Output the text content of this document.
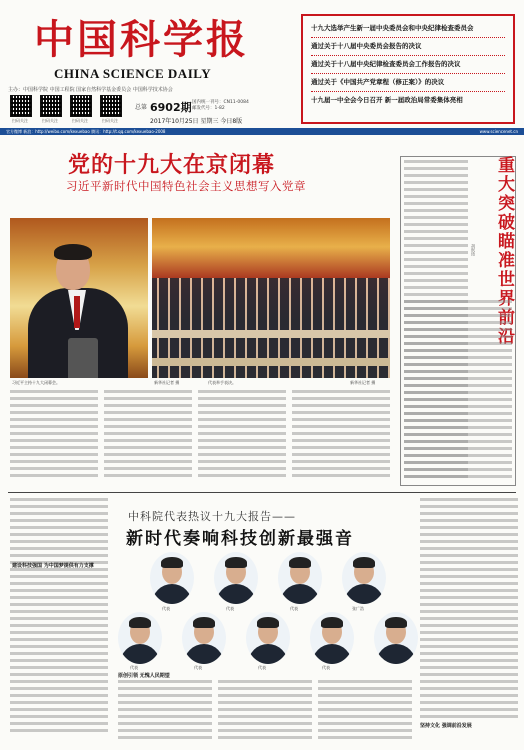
中国科学报
CHINA SCIENCE DAILY
主办：中国科学院 中国工程院 国家自然科学基金委员会 中国科学技术协会
扫码关注	扫码关注	扫码关注	扫码关注
总第 6902期 国内统一刊号：CN11-0084
邮发代号：1-82
2017年10月25日 星期三 今日8版
十九大选举产生新一届中央委员会和中央纪律检查委员会
通过关于十八届中央委员会报告的决议
通过关于十八届中央纪律检查委员会工作报告的决议
通过关于《中国共产党章程（修正案）》的决议
十九届一中全会今日召开 新一届政治局常委集体亮相
官方微博 新浪：http://weibo.com/kexuebao 腾讯：http://t.qq.com/kexuebao-2008	www.sciencenet.cn
党的十九大在京闭幕
习近平新时代中国特色社会主义思想写入党章
习近平主持十九大闭幕会。	新华社记者 摄	代表举手表决。	新华社记者 摄
重大突破瞄准世界前沿
胡珉琦
中科院代表热议十九大报告——
新时代奏响科技创新最强音
代表	代表	代表	张广浩
代表	代表	代表	代表
建设科技强国 为中国梦提供有力支撑
原创引领 无愧人民期望
坚持文化 强调前沿发展
